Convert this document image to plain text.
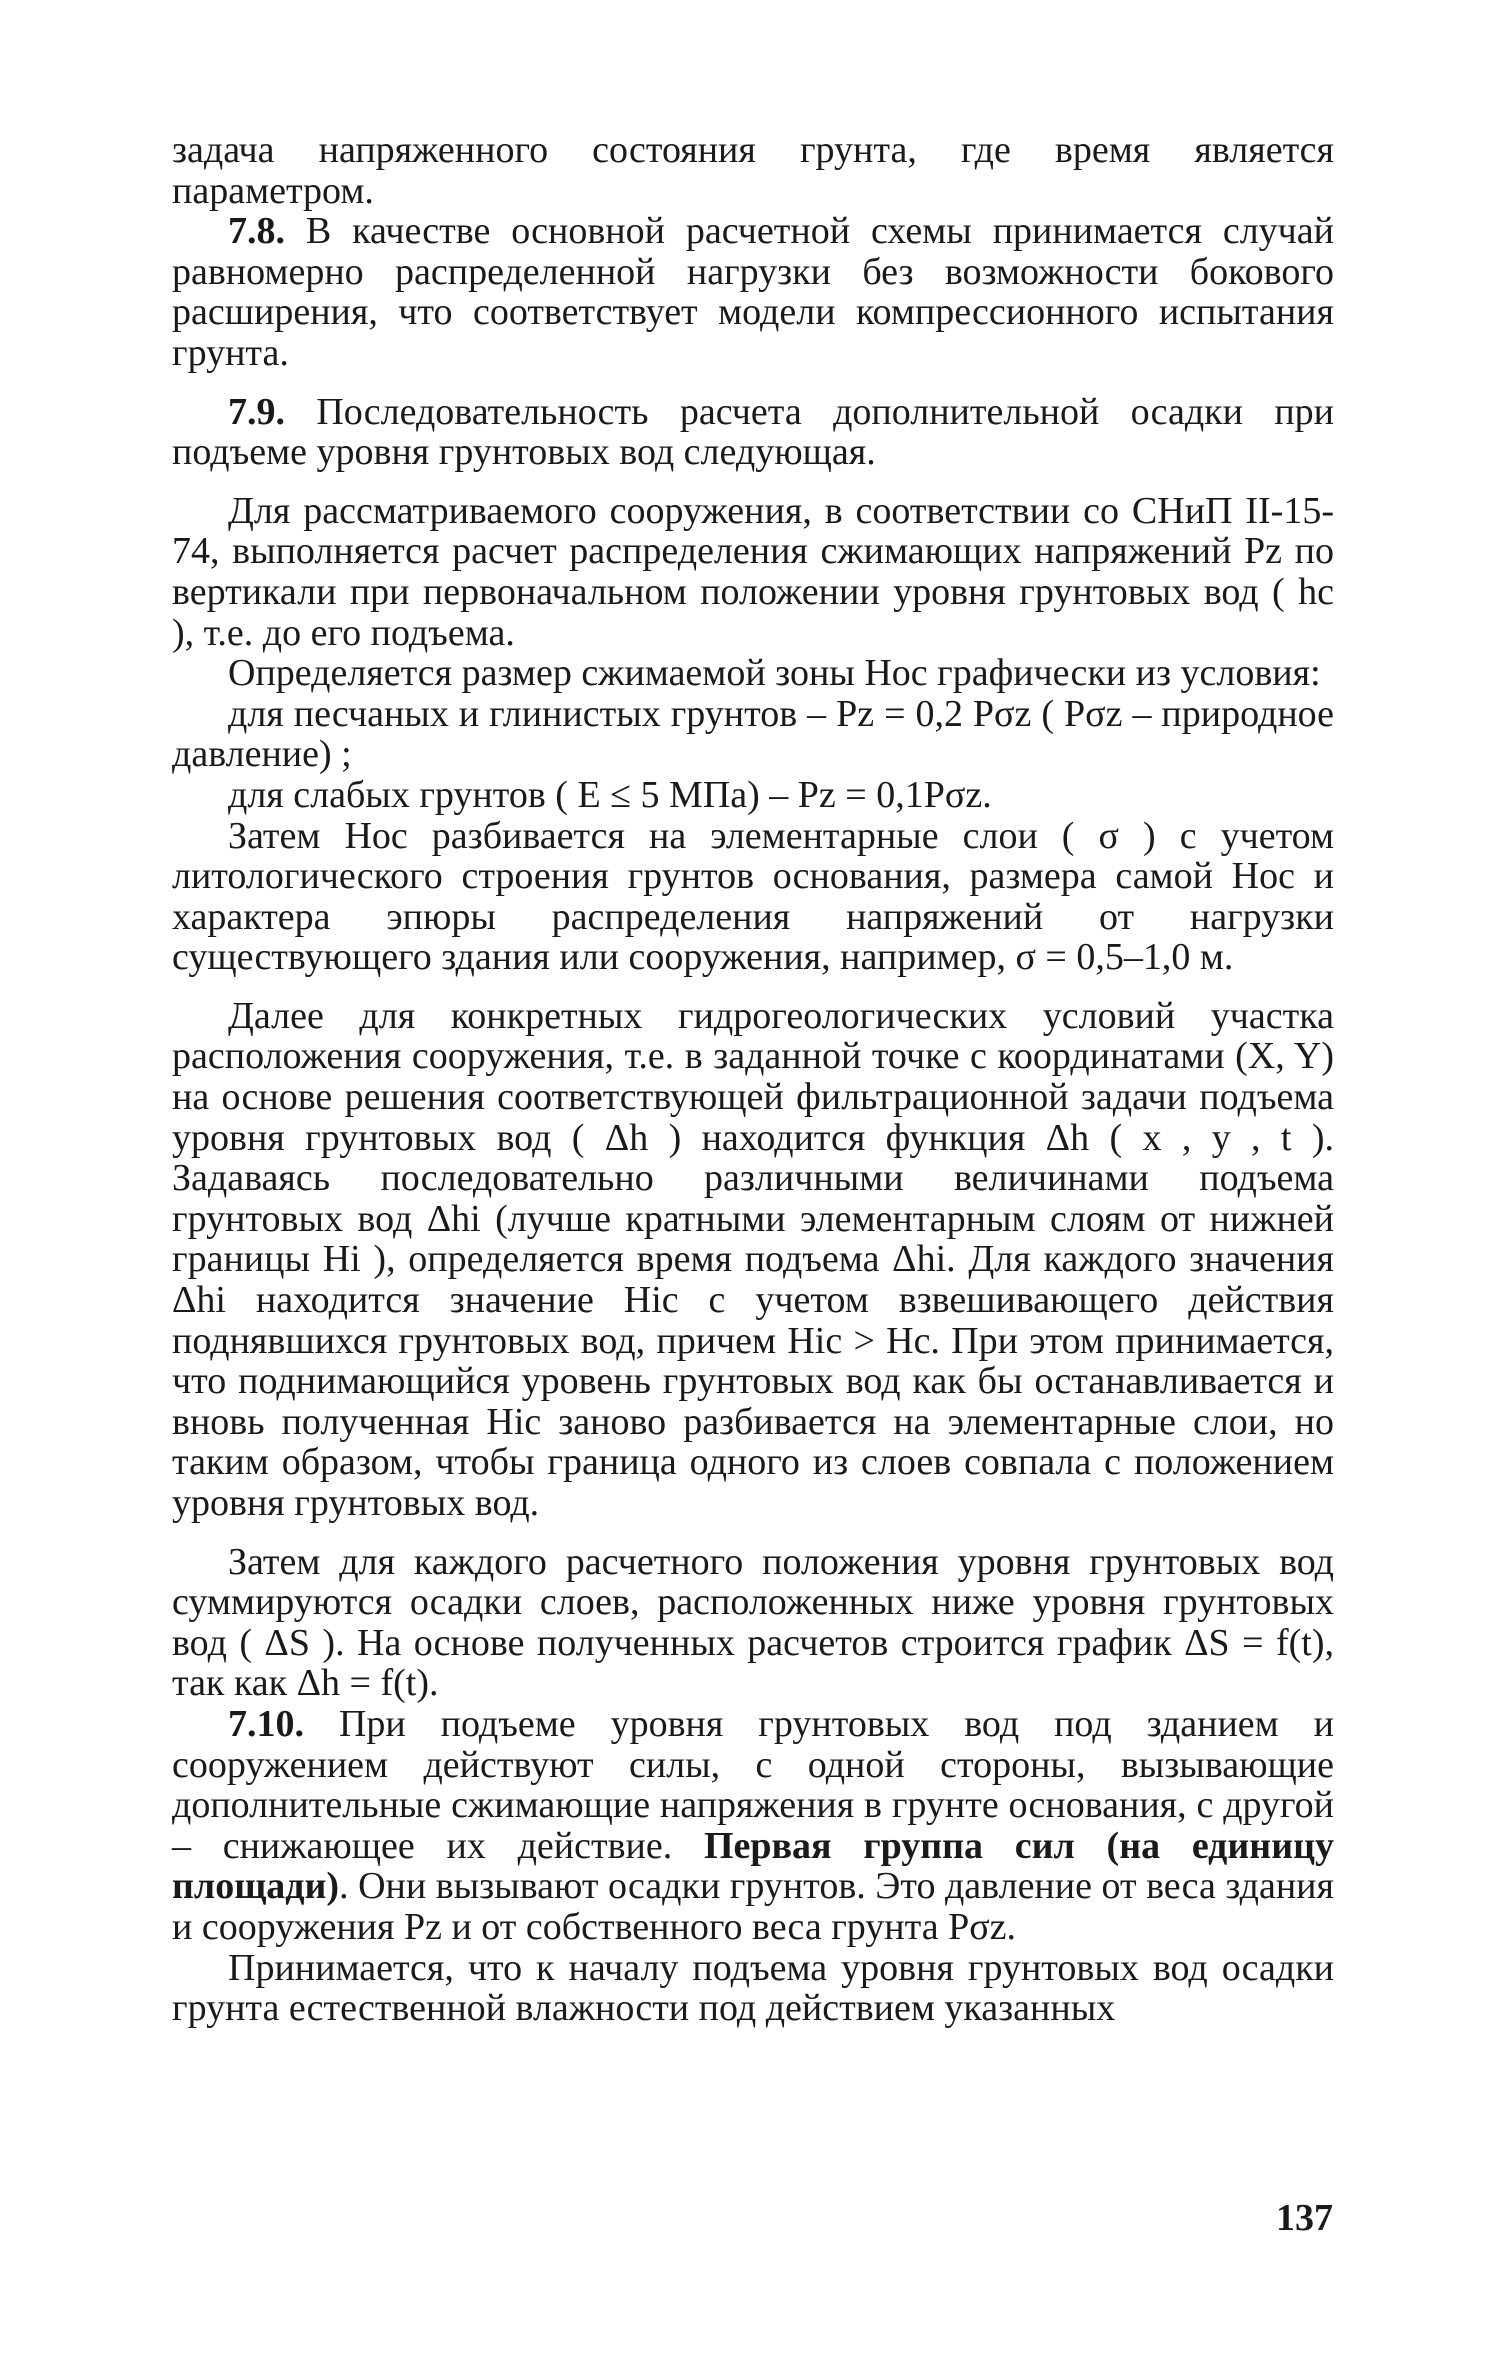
задача напряженного состояния грунта, где время является параметром.

7.8. В качестве основной расчетной схемы принимается случай равномерно распределенной нагрузки без возможности бокового расширения, что соответствует модели компрессионного испытания грунта.

7.9. Последовательность расчета дополнительной осадки при подъеме уровня грунтовых вод следующая.

Для рассматриваемого сооружения, в соответствии со СНиП II-15-74, выполняется расчет распределения сжимающих напряжений Pz по вертикали при первоначальном положении уровня грунтовых вод ( hc ), т.е. до его подъема.

Определяется размер сжимаемой зоны Hoc графически из условия:

для песчаных и глинистых грунтов – Pz = 0,2 Pσz ( Pσz – природное давление) ;

для слабых грунтов ( E ≤ 5 МПа) – Pz = 0,1Pσz.

Затем Hoc разбивается на элементарные слои ( σ ) с учетом литологического строения грунтов основания, размера самой Hoc и характера эпюры распределения напряжений от нагрузки существующего здания или сооружения, например, σ = 0,5–1,0 м.

Далее для конкретных гидрогеологических условий участка расположения сооружения, т.е. в заданной точке с координатами (X, Y) на основе решения соответствующей фильтрационной задачи подъема уровня грунтовых вод ( Δh ) находится функция Δh ( x , y , t ). Задаваясь последовательно различными величинами подъема грунтовых вод Δhi (лучше кратными элементарным слоям от нижней границы Hi ), определяется время подъема Δhi. Для каждого значения Δhi находится значение Hic с учетом взвешивающего действия поднявшихся грунтовых вод, причем Hic > Hc. При этом принимается, что поднимающийся уровень грунтовых вод как бы останавливается и вновь полученная Hic заново разбивается на элементарные слои, но таким образом, чтобы граница одного из слоев совпала с положением уровня грунтовых вод.

Затем для каждого расчетного положения уровня грунтовых вод суммируются осадки слоев, расположенных ниже уровня грунтовых вод ( ΔS ). На основе полученных расчетов строится график ΔS = f(t), так как Δh = f(t).

7.10. При подъеме уровня грунтовых вод под зданием и сооружением действуют силы, с одной стороны, вызывающие дополнительные сжимающие напряжения в грунте основания, с другой – снижающее их действие. Первая группа сил (на единицу площади). Они вызывают осадки грунтов. Это давление от веса здания и сооружения Pz и от собственного веса грунта Pσz.

Принимается, что к началу подъема уровня грунтовых вод осадки грунта естественной влажности под действием указанных

137
